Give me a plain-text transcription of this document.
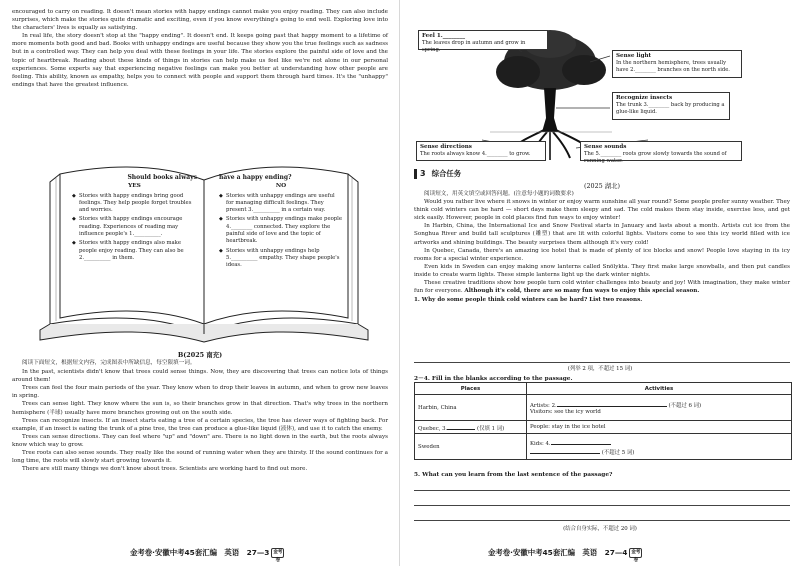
encouraged to carry on reading. It doesn't mean stories with happy endings cannot make you enjoy reading. They can also include surprises, which make the stories quite dramatic and exciting, even if you know everything's going to end well. Exploring love into the characters' lives is equally as satisfying.

In real life, the story doesn't stop at the "happy ending". It doesn't end. It keeps going past that happy moment to a lifetime of more moments both good and bad. Books with unhappy endings are useful because they show you the true feelings such as sadness but in a controlled way. They can help you deal with these feelings in your life. The stories explore the painful side of love and the topic of heartbreak. Reading about these kinds of things in stories can help make us feel like we're not alone in our personal experiences. Some experts say that experiencing negative feelings can make you better at understanding how other people are feeling. This ability, known as empathy, helps you to connect with people and support them through hard times. It's the "unhappy" endings that have the greatest influence.

Should books always
YES
◆ Stories with happy endings bring good feelings. They help people forget troubles and worries.
◆ Stories with happy endings encourage reading. Experiences of reading may influence people's 1.__________.
◆ Stories with happy endings also make people enjoy reading. They can also be 2.__________ in them.
have a happy ending?
NO
◆ Stories with unhappy endings are useful for managing difficult feelings. They present 3.__________ in a certain way.
◆ Stories with unhappy endings make people 4.________ connected. They explore the painful side of love and the topic of heartbreak.
◆ Stories with unhappy endings help 5.__________ empathy. They shape people's ideas.
B(2025 南充)

阅读下面短文，根据短文内容，完成图表中所缺信息，每空限填一词。

In the past, scientists didn't know that trees could sense things. Now, they are discovering that trees can notice lots of things around them!

Trees can feel the four main periods of the year. They know when to drop their leaves in autumn, and when to grow new leaves in spring.

Trees can sense light. They know where the sun is, so their branches grow in that direction. That's why trees in the northern hemisphere (半球) usually have more branches growing out on the south side.

Trees can recognize insects. If an insect starts eating a tree of a certain species, the tree has clever ways of fighting back. For example, if an insect is eating the trunk of a pine tree, the tree can produce a glue-like liquid (液体), and use it to catch the enemy.

Trees can sense directions. They can feel where "up" and "down" are. There is no light down in the earth, but the roots always know which way to grow.

Tree roots can also sense sounds. They really like the sound of running water when they are thirsty. If the sound continues for a long time, the roots will slowly start growing towards it.

There are still many things we don't know about trees. Scientists are working hard to find out more.

金考卷·安徽中考45套汇编　英语　27—3 金考卷
Feel 1.________
The leaves drop in autumn and grow in spring.
Sense light
In the northern hemisphere, trees usually have 2.________ branches on the north side.
Recognize insects
The trunk 3.________ back by producing a glue-like liquid.
Sense directions
The roots always know 4.________ to grow.
Sense sounds
The 5.________ roots grow slowly towards the sound of running water.
3 综合任务
(2025 湖北)

阅读短文，用英文填空或回答问题。(注意每小题的词数要求)

Would you rather live where it snows in winter or enjoy warm sunshine all year round? Some people prefer sunny weather. They think cold winters can be hard — short days make them sleepy and sad. The cold makes them stay inside, exercise less, and get sick easily. However, people in cold places find fun ways to enjoy winter!

In Harbin, China, the International Ice and Snow Festival starts in January and lasts about a month. Artists cut ice from the Songhua River and build tall sculptures (雕塑) that are lit with colorful lights. Visitors come to see this icy world filled with ice artworks and shining buildings. The beauty surprises them although it's very cold!

In Quebec, Canada, there's an amazing ice hotel that is made of plenty of ice blocks and snow! People love staying in its icy rooms for a special winter experience.

Even kids in Sweden can enjoy making snow lanterns called Snölykta. They first make large snowballs, and then put candles inside to create warm lights. These simple lanterns light up the dark winter nights.

These creative traditions show how people turn cold winter challenges into beauty and joy! With imagination, they make winter fun for everyone. Although it's cold, there are so many fun ways to enjoy this special season.

1. Why do some people think cold winters can be hard? List two reasons.

(列举 2 项，不超过 15 词)
2－4. Fill in the blanks according to the passage.
Places	Activities
Harbin, China	Artists: 2. (不超过 6 词)
Visitors: see the icy world
Quebec, 3. (仅填 1 词)	People: stay in the ice hotel
Sweden	Kids: 4.
(不超过 5 词)
5. What can you learn from the last sentence of the passage?
(结合自身实际，不超过 20 词)
金考卷·安徽中考45套汇编　英语　27—4 金考卷
